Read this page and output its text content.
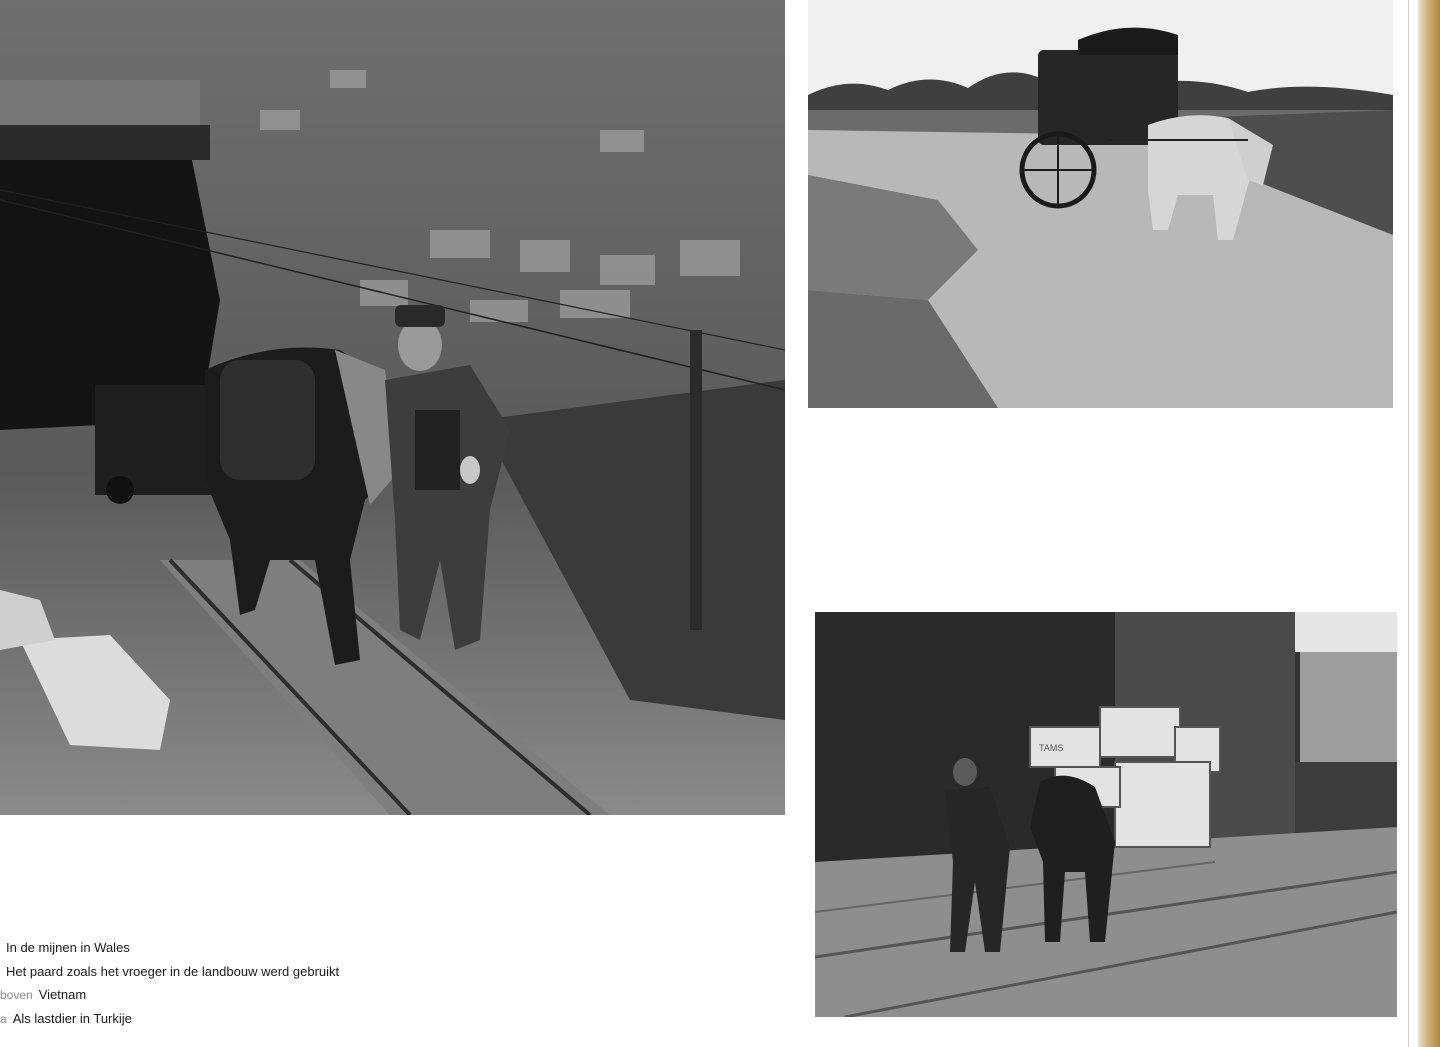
TAMS
In de mijnen in Wales
Het paard zoals het vroeger in de landbouw werd gebruikt
boven Vietnam
a Als lastdier in Turkije
